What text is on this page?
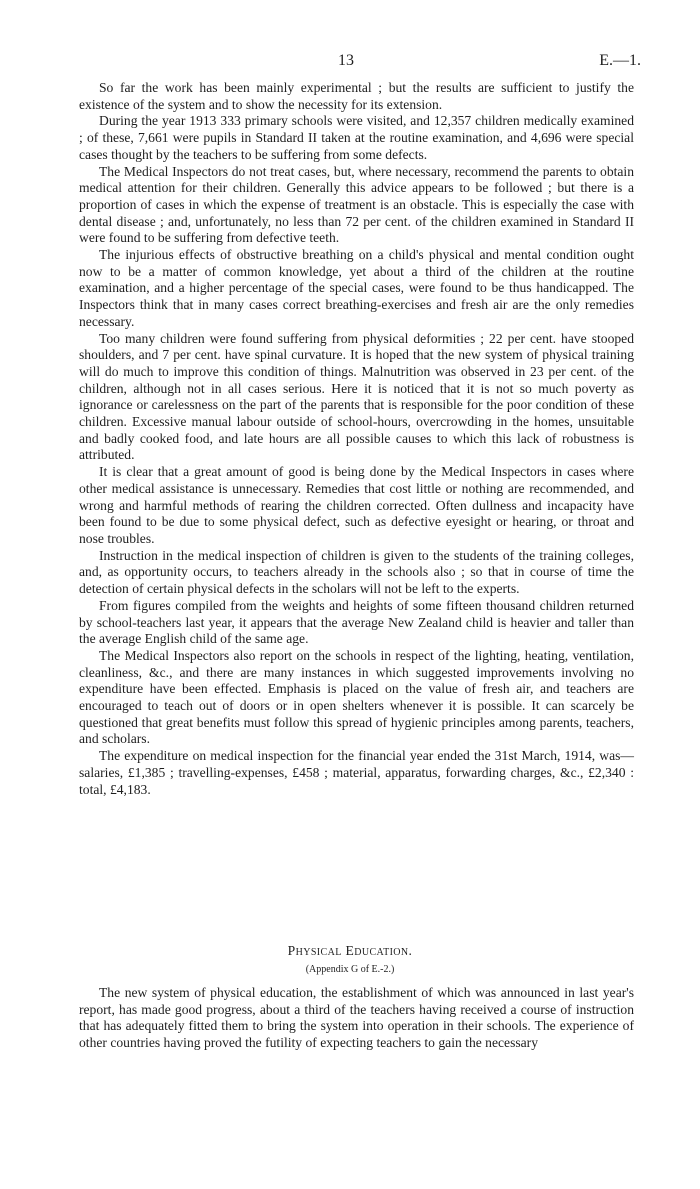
13	E.—1.

So far the work has been mainly experimental ; but the results are sufficient to justify the existence of the system and to show the necessity for its extension.

During the year 1913 333 primary schools were visited, and 12,357 children medically examined ; of these, 7,661 were pupils in Standard II taken at the routine examination, and 4,696 were special cases thought by the teachers to be suffering from some defects.

The Medical Inspectors do not treat cases, but, where necessary, recommend the parents to obtain medical attention for their children. Generally this advice appears to be followed ; but there is a proportion of cases in which the expense of treatment is an obstacle. This is especially the case with dental disease ; and, unfortunately, no less than 72 per cent. of the children examined in Standard II were found to be suffering from defective teeth.

The injurious effects of obstructive breathing on a child's physical and mental condition ought now to be a matter of common knowledge, yet about a third of the children at the routine examination, and a higher percentage of the special cases, were found to be thus handicapped. The Inspectors think that in many cases correct breathing-exercises and fresh air are the only remedies necessary.

Too many children were found suffering from physical deformities ; 22 per cent. have stooped shoulders, and 7 per cent. have spinal curvature. It is hoped that the new system of physical training will do much to improve this condition of things. Malnutrition was observed in 23 per cent. of the children, although not in all cases serious. Here it is noticed that it is not so much poverty as ignorance or carelessness on the part of the parents that is responsible for the poor condition of these children. Excessive manual labour outside of school-hours, overcrowding in the homes, unsuitable and badly cooked food, and late hours are all possible causes to which this lack of robustness is attributed.

It is clear that a great amount of good is being done by the Medical Inspectors in cases where other medical assistance is unnecessary. Remedies that cost little or nothing are recommended, and wrong and harmful methods of rearing the children corrected. Often dullness and incapacity have been found to be due to some physical defect, such as defective eyesight or hearing, or throat and nose troubles.

Instruction in the medical inspection of children is given to the students of the training colleges, and, as opportunity occurs, to teachers already in the schools also ; so that in course of time the detection of certain physical defects in the scholars will not be left to the experts.

From figures compiled from the weights and heights of some fifteen thousand children returned by school-teachers last year, it appears that the average New Zealand child is heavier and taller than the average English child of the same age.

The Medical Inspectors also report on the schools in respect of the lighting, heating, ventilation, cleanliness, &c., and there are many instances in which suggested improvements involving no expenditure have been effected. Emphasis is placed on the value of fresh air, and teachers are encouraged to teach out of doors or in open shelters whenever it is possible. It can scarcely be questioned that great benefits must follow this spread of hygienic principles among parents, teachers, and scholars.

The expenditure on medical inspection for the financial year ended the 31st March, 1914, was—salaries, £1,385 ; travelling-expenses, £458 ; material, apparatus, forwarding charges, &c., £2,340 : total, £4,183.

Physical Education.
(Appendix G of E.-2.)

The new system of physical education, the establishment of which was announced in last year's report, has made good progress, about a third of the teachers having received a course of instruction that has adequately fitted them to bring the system into operation in their schools. The experience of other countries having proved the futility of expecting teachers to gain the necessary
